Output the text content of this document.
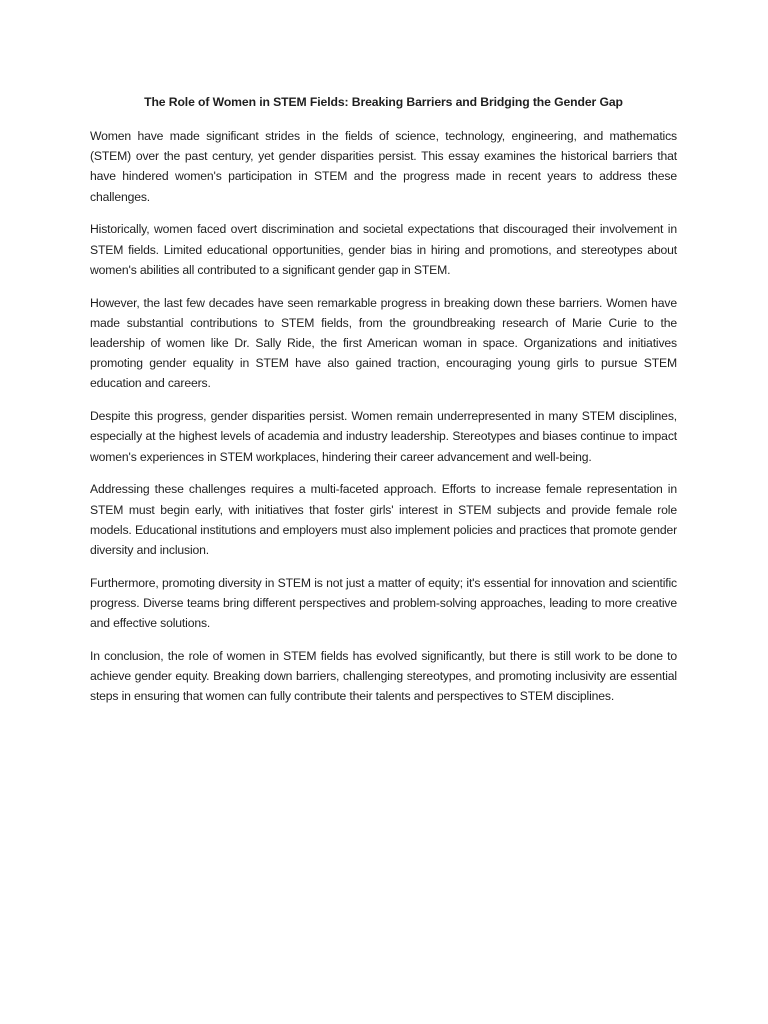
The Role of Women in STEM Fields: Breaking Barriers and Bridging the Gender Gap

Women have made significant strides in the fields of science, technology, engineering, and mathematics (STEM) over the past century, yet gender disparities persist. This essay examines the historical barriers that have hindered women's participation in STEM and the progress made in recent years to address these challenges.

Historically, women faced overt discrimination and societal expectations that discouraged their involvement in STEM fields. Limited educational opportunities, gender bias in hiring and promotions, and stereotypes about women's abilities all contributed to a significant gender gap in STEM.

However, the last few decades have seen remarkable progress in breaking down these barriers. Women have made substantial contributions to STEM fields, from the groundbreaking research of Marie Curie to the leadership of women like Dr. Sally Ride, the first American woman in space. Organizations and initiatives promoting gender equality in STEM have also gained traction, encouraging young girls to pursue STEM education and careers.

Despite this progress, gender disparities persist. Women remain underrepresented in many STEM disciplines, especially at the highest levels of academia and industry leadership. Stereotypes and biases continue to impact women's experiences in STEM workplaces, hindering their career advancement and well-being.

Addressing these challenges requires a multi-faceted approach. Efforts to increase female representation in STEM must begin early, with initiatives that foster girls' interest in STEM subjects and provide female role models. Educational institutions and employers must also implement policies and practices that promote gender diversity and inclusion.

Furthermore, promoting diversity in STEM is not just a matter of equity; it's essential for innovation and scientific progress. Diverse teams bring different perspectives and problem-solving approaches, leading to more creative and effective solutions.

In conclusion, the role of women in STEM fields has evolved significantly, but there is still work to be done to achieve gender equity. Breaking down barriers, challenging stereotypes, and promoting inclusivity are essential steps in ensuring that women can fully contribute their talents and perspectives to STEM disciplines.
